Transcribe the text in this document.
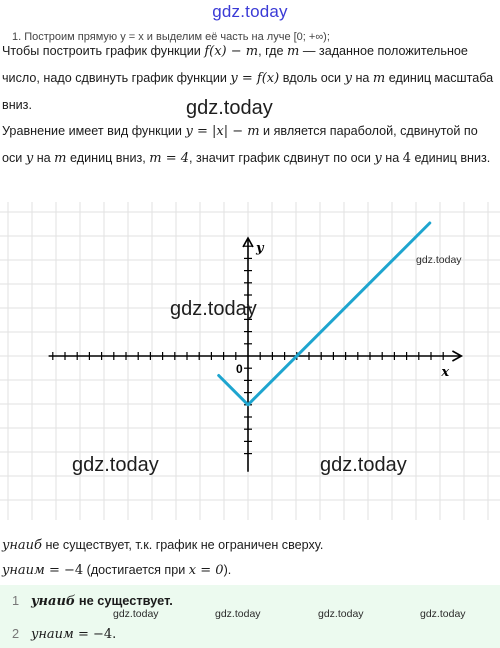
gdz.today
1. Построим прямую y = x и выделим её часть на луче [0; +∞);
Чтобы построить график функции f(x) − m, где m — заданное положительное число, надо сдвинуть график функции y = f(x) вдоль оси y на m единиц масштаба вниз.
Уравнение имеет вид функции y = |x| − m и является параболой, сдвинутой по оси y на m единиц вниз, m = 4, значит график сдвинут по оси y на 4 единиц вниз.
gdz.today
x
y
0
gdz.today
gdz.today
gdz.today	gdz.today
yнаиб не существует, т.к. график не ограничен сверху.
yнаим = −4 (достигается при x = 0).
1 yнаиб не существует.
gdz.today	gdz.today	gdz.today	gdz.today
2 yнаим = −4.
